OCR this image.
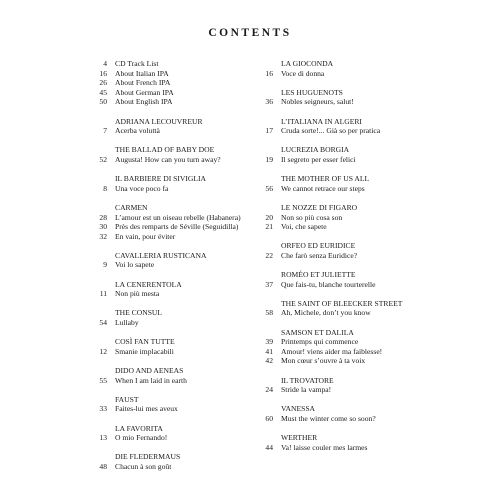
CONTENTS
4 CD Track List
16 About Italian IPA
26 About French IPA
45 About German IPA
50 About English IPA
ADRIANA LECOUVREUR
7 Acerba voluttà
THE BALLAD OF BABY DOE
52 Augusta! How can you turn away?
IL BARBIERE DI SIVIGLIA
8 Una voce poco fa
CARMEN
28 L’amour est un oiseau rebelle (Habanera)
30 Près des remparts de Séville (Seguidilla)
32 En vain, pour éviter
CAVALLERIA RUSTICANA
9 Voi lo sapete
LA CENERENTOLA
11 Non più mesta
THE CONSUL
54 Lullaby
COSÌ FAN TUTTE
12 Smanie implacabili
DIDO AND AENEAS
55 When I am laid in earth
FAUST
33 Faites-lui mes aveux
LA FAVORITA
13 O mio Fernando!
DIE FLEDERMAUS
48 Chacun à son goût
LA GIOCONDA
16 Voce di donna
LES HUGUENOTS
36 Nobles seigneurs, salut!
L’ITALIANA IN ALGERI
17 Cruda sorte!... Già so per pratica
LUCREZIA BORGIA
19 Il segreto per esser felici
THE MOTHER OF US ALL
56 We cannot retrace our steps
LE NOZZE DI FIGARO
20 Non so più cosa son
21 Voi, che sapete
ORFEO ED EURIDICE
22 Che farò senza Euridice?
ROMÉO ET JULIETTE
37 Que fais-tu, blanche tourterelle
THE SAINT OF BLEECKER STREET
58 Ah, Michele, don’t you know
SAMSON ET DALILA
39 Printemps qui commence
41 Amour! viens aider ma faiblesse!
42 Mon cœur s’ouvre à ta voix
IL TROVATORE
24 Stride la vampa!
VANESSA
60 Must the winter come so soon?
WERTHER
44 Va! laisse couler mes larmes
